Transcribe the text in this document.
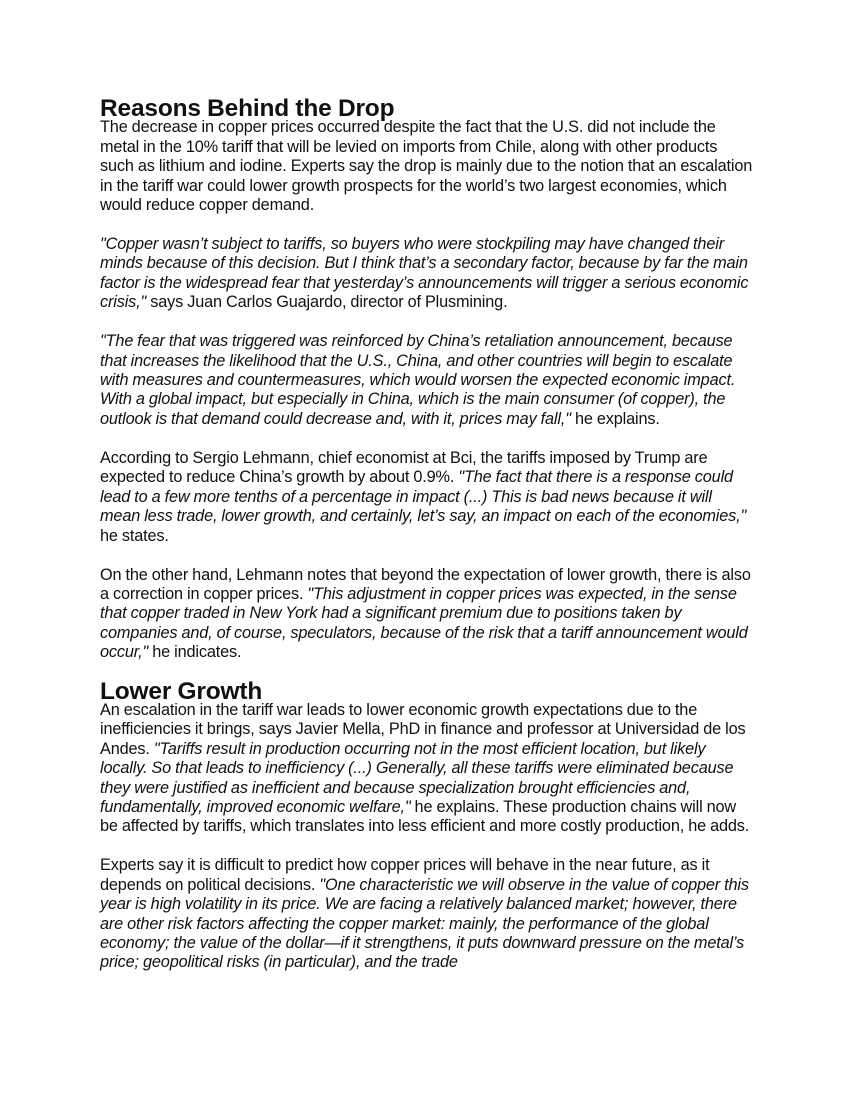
Reasons Behind the Drop

The decrease in copper prices occurred despite the fact that the U.S. did not include the metal in the 10% tariff that will be levied on imports from Chile, along with other products such as lithium and iodine. Experts say the drop is mainly due to the notion that an escalation in the tariff war could lower growth prospects for the world’s two largest economies, which would reduce copper demand.

"Copper wasn’t subject to tariffs, so buyers who were stockpiling may have changed their minds because of this decision. But I think that’s a secondary factor, because by far the main factor is the widespread fear that yesterday’s announcements will trigger a serious economic crisis," says Juan Carlos Guajardo, director of Plusmining.

"The fear that was triggered was reinforced by China’s retaliation announcement, because that increases the likelihood that the U.S., China, and other countries will begin to escalate with measures and countermeasures, which would worsen the expected economic impact. With a global impact, but especially in China, which is the main consumer (of copper), the outlook is that demand could decrease and, with it, prices may fall," he explains.

According to Sergio Lehmann, chief economist at Bci, the tariffs imposed by Trump are expected to reduce China’s growth by about 0.9%. "The fact that there is a response could lead to a few more tenths of a percentage in impact (...) This is bad news because it will mean less trade, lower growth, and certainly, let’s say, an impact on each of the economies," he states.

On the other hand, Lehmann notes that beyond the expectation of lower growth, there is also a correction in copper prices. "This adjustment in copper prices was expected, in the sense that copper traded in New York had a significant premium due to positions taken by companies and, of course, speculators, because of the risk that a tariff announcement would occur," he indicates.

Lower Growth

An escalation in the tariff war leads to lower economic growth expectations due to the inefficiencies it brings, says Javier Mella, PhD in finance and professor at Universidad de los Andes. "Tariffs result in production occurring not in the most efficient location, but likely locally. So that leads to inefficiency (...) Generally, all these tariffs were eliminated because they were justified as inefficient and because specialization brought efficiencies and, fundamentally, improved economic welfare," he explains. These production chains will now be affected by tariffs, which translates into less efficient and more costly production, he adds.

Experts say it is difficult to predict how copper prices will behave in the near future, as it depends on political decisions. "One characteristic we will observe in the value of copper this year is high volatility in its price. We are facing a relatively balanced market; however, there are other risk factors affecting the copper market: mainly, the performance of the global economy; the value of the dollar—if it strengthens, it puts downward pressure on the metal’s price; geopolitical risks (in particular), and the trade
